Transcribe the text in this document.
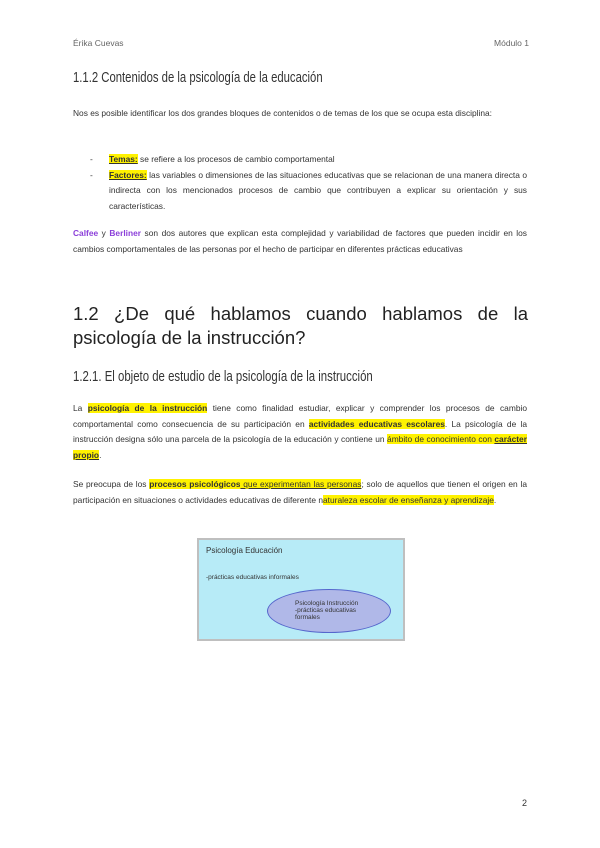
Érika Cuevas	Módulo 1
1.1.2 Contenidos de la psicología de la educación
Nos es posible identificar los dos grandes bloques de contenidos o de temas de los que se ocupa esta disciplina:
- Temas: se refiere a los procesos de cambio comportamental
- Factores: las variables o dimensiones de las situaciones educativas que se relacionan de una manera directa o indirecta con los mencionados procesos de cambio que contribuyen a explicar su orientación y sus características.
Calfee y Berliner son dos autores que explican esta complejidad y variabilidad de factores que pueden incidir en los cambios comportamentales de las personas por el hecho de participar en diferentes prácticas educativas
1.2 ¿De qué hablamos cuando hablamos de la psicología de la instrucción?
1.2.1. El objeto de estudio de la psicología de la instrucción
La psicología de la instrucción tiene como finalidad estudiar, explicar y comprender los procesos de cambio comportamental como consecuencia de su participación en actividades educativas escolares. La psicología de la instrucción designa sólo una parcela de la psicología de la educación y contiene un ámbito de conocimiento con carácter propio.
Se preocupa de los procesos psicológicos que experimentan las personas; solo de aquellos que tienen el origen en la participación en situaciones o actividades educativas de diferente naturaleza escolar de enseñanza y aprendizaje.
Psicología Educación
-prácticas educativas informales
Psicología Instrucción
-prácticas educativas
formales
2
